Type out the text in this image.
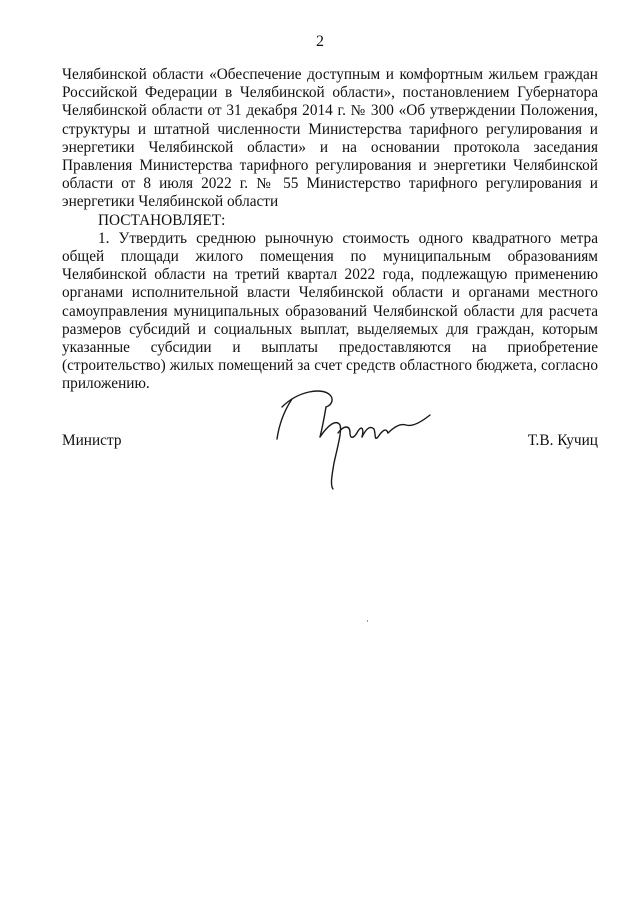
2

Челябинской области «Обеспечение доступным и комфортным жильем граждан Российской Федерации в Челябинской области», постановлением Губернатора Челябинской области от 31 декабря 2014 г. № 300 «Об утверждении Положения, структуры и штатной численности Министерства тарифного регулирования и энергетики Челябинской области» и на основании протокола заседания Правления Министерства тарифного регулирования и энергетики Челябинской области от 8 июля 2022 г. № 55 Министерство тарифного регулирования и энергетики Челябинской области

ПОСТАНОВЛЯЕТ:

1. Утвердить среднюю рыночную стоимость одного квадратного метра общей площади жилого помещения по муниципальным образованиям Челябинской области на третий квартал 2022 года, подлежащую применению органами исполнительной власти Челябинской области и органами местного самоуправления муниципальных образований Челябинской области для расчета размеров субсидий и социальных выплат, выделяемых для граждан, которым указанные субсидии и выплаты предоставляются на приобретение (строительство) жилых помещений за счет средств областного бюджета, согласно приложению.

Министр	Т.В. Кучиц
